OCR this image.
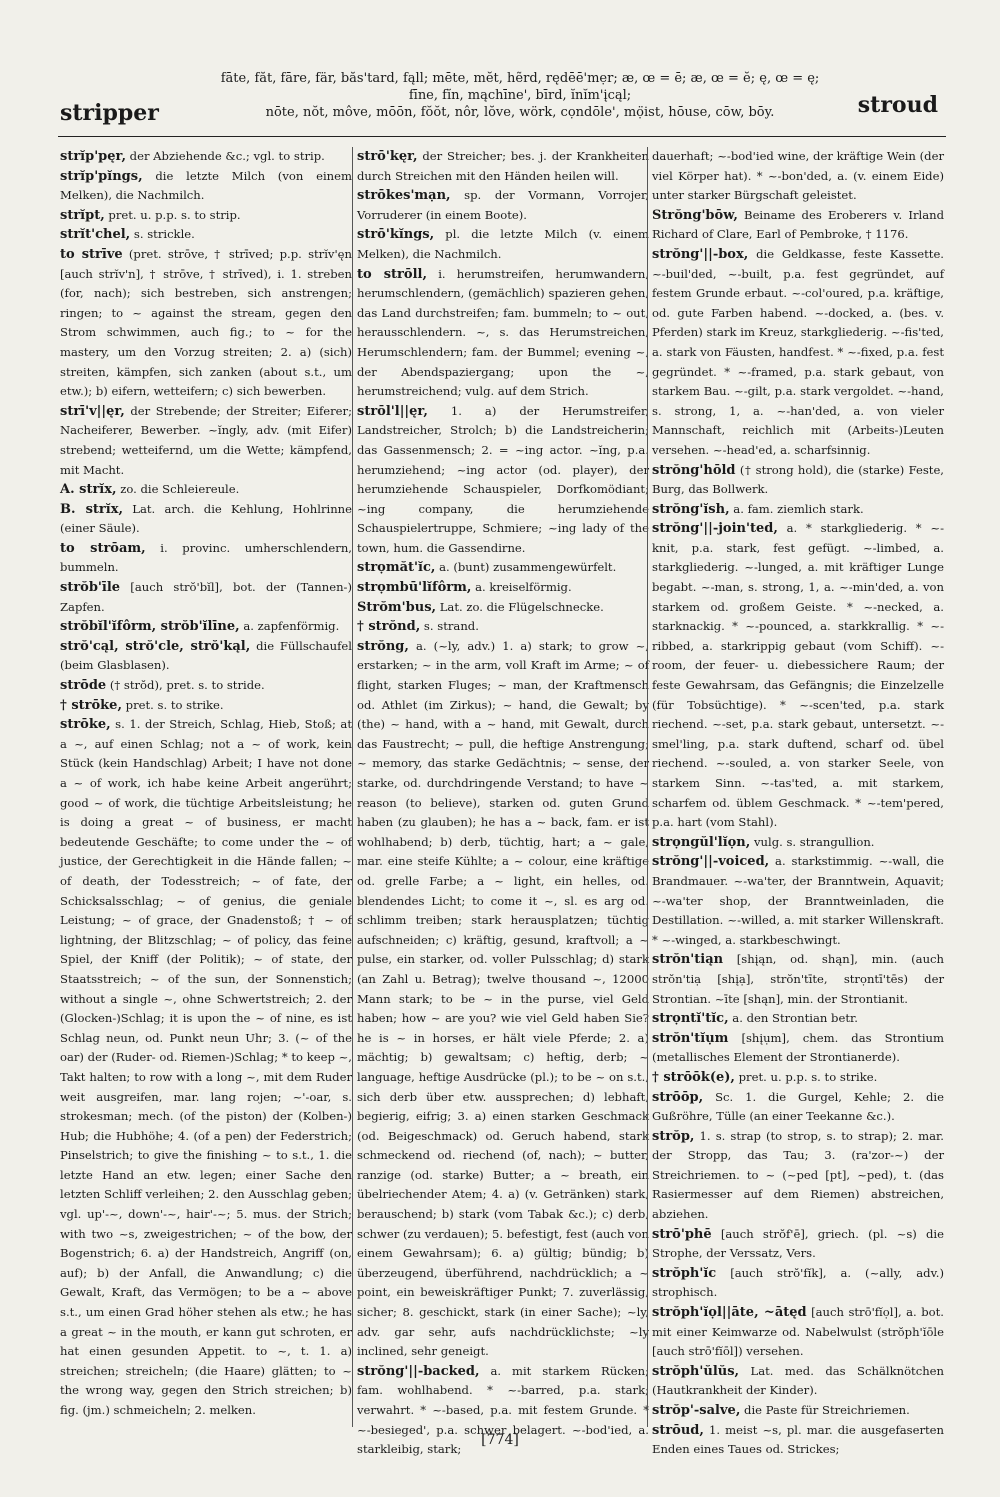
stripper
fāte, făt, fāre, fär, băs'tard, fąll; mēte, mĕt, hẽrd, rędēē'mẹr; æ, œ = ē; æ, œ = ĕ; ę, œ = ę;
fīne, fĭn, mąchīne', bīrd, ĭnĭm'įcąl;
nōte, nŏt, môve, mōōn, fŏŏt, nôr, lŏve, wörk, cọndōle', mọ̈ist, hōuse, cōw, bōy.	stroud

strĭp'pęr, der Abziehende &c.; vgl. to strip.

strĭp'pĭngs, die letzte Milch (von einem Melken), die Nachmilch.

strĭpt, pret. u. p.p. s. to strip.

strĭt'chel, s. strickle.

to strīve (pret. strōve, † strīved; p.p. strĭv'ęn [auch strĭv'n], † strōve, † strīved), i. 1. streben (for, nach); sich bestreben, sich anstrengen; ringen; to ~ against the stream, gegen den Strom schwimmen, auch fig.; to ~ for the mastery, um den Vorzug streiten; 2. a) (sich) streiten, kämpfen, sich zanken (about s.t., um etw.); b) eifern, wetteifern; c) sich bewerben.

strī'v||ęr, der Strebende; der Streiter; Eiferer; Nacheiferer, Bewerber. ~ĭngly, adv. (mit Eifer) strebend; wetteifernd, um die Wette; kämpfend, mit Macht.

A. strĭx, zo. die Schleiereule.

B. strĭx, Lat. arch. die Kehlung, Hohlrinne (einer Säule).

to strōam, i. provinc. umherschlendern, bummeln.

strŏb'īle [auch strŏ'bĭl], bot. der (Tannen-) Zapfen.

strŏbĭl'ĭfôrm, strŏb'ĭlīne, a. zapfenförmig.

strŏ'cąl, strŏ'cle, strŏ'kąl, die Füllschaufel (beim Glasblasen).

strōde († strŏd), pret. s. to stride.

† strōke, pret. s. to strike.

strōke, s. 1. der Streich, Schlag, Hieb, Stoß; at a ~, auf einen Schlag; not a ~ of work, kein Stück (kein Handschlag) Arbeit; I have not done a ~ of work, ich habe keine Arbeit angerührt; good ~ of work, die tüchtige Arbeitsleistung; he is doing a great ~ of business, er macht bedeutende Geschäfte; to come under the ~ of justice, der Gerechtigkeit in die Hände fallen; ~ of death, der Todesstreich; ~ of fate, der Schicksalsschlag; ~ of genius, die geniale Leistung; ~ of grace, der Gnadenstoß; † ~ of lightning, der Blitzschlag; ~ of policy, das feine Spiel, der Kniff (der Politik); ~ of state, der Staatsstreich; ~ of the sun, der Sonnenstich; without a single ~, ohne Schwertstreich; 2. der (Glocken-)Schlag; it is upon the ~ of nine, es ist Schlag neun, od. Punkt neun Uhr; 3. (~ of the oar) der (Ruder- od. Riemen-)Schlag; * to keep ~, Takt halten; to row with a long ~, mit dem Ruder weit ausgreifen, mar. lang rojen; ~'-oar, s. strokesman; mech. (of the piston) der (Kolben-) Hub; die Hubhöhe; 4. (of a pen) der Federstrich; Pinselstrich; to give the finishing ~ to s.t., 1. die letzte Hand an etw. legen; einer Sache den letzten Schliff verleihen; 2. den Ausschlag geben; vgl. up'-~, down'-~, hair'-~; 5. mus. der Strich; with two ~s, zweigestrichen; ~ of the bow, der Bogenstrich; 6. a) der Handstreich, Angriff (on, auf); b) der Anfall, die Anwandlung; c) die Gewalt, Kraft, das Vermögen; to be a ~ above s.t., um einen Grad höher stehen als etw.; he has a great ~ in the mouth, er kann gut schroten, er hat einen gesunden Appetit. to ~, t. 1. a) streichen; streicheln; (die Haare) glätten; to ~ the wrong way, gegen den Strich streichen; b) fig. (jm.) schmeicheln; 2. melken.

strō'kęr, der Streicher; bes. j. der Krankheiten durch Streichen mit den Händen heilen will.

strōkes'mạn, sp. der Vormann, Vorrojer, Vorruderer (in einem Boote).

strō'kĭngs, pl. die letzte Milch (v. einem Melken), die Nachmilch.

to strōll, i. herumstreifen, herumwandern, herumschlendern, (gemächlich) spazieren gehen, das Land durchstreifen; fam. bummeln; to ~ out, herausschlendern. ~, s. das Herumstreichen, Herumschlendern; fam. der Bummel; evening ~, der Abendspaziergang; upon the ~, herumstreichend; vulg. auf dem Strich.

strōl'l||ęr, 1. a) der Herumstreifer, Landstreicher, Strolch; b) die Landstreicherin; das Gassenmensch; 2. = ~ing actor. ~ĭng, p.a. herumziehend; ~ing actor (od. player), der herumziehende Schauspieler, Dorfkomödiant; ~ing company, die herumziehende Schauspielertruppe, Schmiere; ~ing lady of the town, hum. die Gassendirne.

strọmăt'ĭc, a. (bunt) zusammengewürfelt.

strọmbū'lĭfôrm, a. kreiselförmig.

Strŏm'bus, Lat. zo. die Flügelschnecke.

† strŏnd, s. strand.

strŏng, a. (~ly, adv.) 1. a) stark; to grow ~, erstarken; ~ in the arm, voll Kraft im Arme; ~ of flight, starken Fluges; ~ man, der Kraftmensch od. Athlet (im Zirkus); ~ hand, die Gewalt; by (the) ~ hand, with a ~ hand, mit Gewalt, durch das Faustrecht; ~ pull, die heftige Anstrengung; ~ memory, das starke Gedächtnis; ~ sense, der starke, od. durchdringende Verstand; to have ~ reason (to believe), starken od. guten Grund haben (zu glauben); he has a ~ back, fam. er ist wohlhabend; b) derb, tüchtig, hart; a ~ gale, mar. eine steife Kühlte; a ~ colour, eine kräftige od. grelle Farbe; a ~ light, ein helles, od. blendendes Licht; to come it ~, sl. es arg od. schlimm treiben; stark herausplatzen; tüchtig aufschneiden; c) kräftig, gesund, kraftvoll; a ~ pulse, ein starker, od. voller Pulsschlag; d) stark (an Zahl u. Betrag); twelve thousand ~, 12000 Mann stark; to be ~ in the purse, viel Geld haben; how ~ are you? wie viel Geld haben Sie? he is ~ in horses, er hält viele Pferde; 2. a) mächtig; b) gewaltsam; c) heftig, derb; ~ language, heftige Ausdrücke (pl.); to be ~ on s.t., sich derb über etw. aussprechen; d) lebhaft, begierig, eifrig; 3. a) einen starken Geschmack (od. Beigeschmack) od. Geruch habend, stark schmeckend od. riechend (of, nach); ~ butter, ranzige (od. starke) Butter; a ~ breath, ein übelriechender Atem; 4. a) (v. Getränken) stark, berauschend; b) stark (vom Tabak &c.); c) derb, schwer (zu verdauen); 5. befestigt, fest (auch von einem Gewahrsam); 6. a) gültig; bündig; b) überzeugend, überführend, nachdrücklich; a ~ point, ein beweiskräftiger Punkt; 7. zuverlässig, sicher; 8. geschickt, stark (in einer Sache); ~ly, adv. gar sehr, aufs nachdrücklichste; ~ly inclined, sehr geneigt.

strŏng'||-backed, a. mit starkem Rücken; fam. wohlhabend. * ~-barred, p.a. stark; verwahrt. * ~-based, p.a. mit festem Grunde. * ~-besieged', p.a. schwer belagert. ~-bod'ied, a. starkleibig, stark;

dauerhaft; ~-bod'ied wine, der kräftige Wein (der viel Körper hat). * ~-bon'ded, a. (v. einem Eide) unter starker Bürgschaft geleistet.

Strŏng'bōw, Beiname des Eroberers v. Irland Richard of Clare, Earl of Pembroke, † 1176.

strŏng'||-box, die Geldkasse, feste Kassette. ~-buil'ded, ~-built, p.a. fest gegründet, auf festem Grunde erbaut. ~-col'oured, p.a. kräftige, od. gute Farben habend. ~-docked, a. (bes. v. Pferden) stark im Kreuz, starkgliederig. ~-fis'ted, a. stark von Fäusten, handfest. * ~-fixed, p.a. fest gegründet. * ~-framed, p.a. stark gebaut, von starkem Bau. ~-gilt, p.a. stark vergoldet. ~-hand, s. strong, 1, a. ~-han'ded, a. von vieler Mannschaft, reichlich mit (Arbeits-)Leuten versehen. ~-head'ed, a. scharfsinnig.

strŏng'hōld († strong hold), die (starke) Feste, Burg, das Bollwerk.

strŏng'ĭsh, a. fam. ziemlich stark.

strŏng'||-join'ted, a. * starkgliederig. * ~-knit, p.a. stark, fest gefügt. ~-limbed, a. starkgliederig. ~-lunged, a. mit kräftiger Lunge begabt. ~-man, s. strong, 1, a. ~-min'ded, a. von starkem od. großem Geiste. * ~-necked, a. starknackig. * ~-pounced, a. starkkrallig. * ~-ribbed, a. starkrippig gebaut (vom Schiff). ~-room, der feuer- u. diebessichere Raum; der feste Gewahrsam, das Gefängnis; die Einzelzelle (für Tobsüchtige). * ~-scen'ted, p.a. stark riechend. ~-set, p.a. stark gebaut, untersetzt. ~-smel'ling, p.a. stark duftend, scharf od. übel riechend. ~-souled, a. von starker Seele, von starkem Sinn. ~-tas'ted, a. mit starkem, scharfem od. üblem Geschmack. * ~-tem'pered, p.a. hart (vom Stahl).

strọngŭl'lĭọn, vulg. s. strangullion.

strŏng'||-voiced, a. starkstimmig. ~-wall, die Brandmauer. ~-wa'ter, der Branntwein, Aquavit; ~-wa'ter shop, der Branntweinladen, die Destillation. ~-willed, a. mit starker Willenskraft. * ~-winged, a. starkbeschwingt.

strŏn'tiąn [shįąn, od. shąn], min. (auch strŏn'tiạ [shįạ], strŏn'tīte, strọntī'tēs) der Strontian. ~īte [shąn], min. der Strontianit.

strọntĭ'tĭc, a. den Strontian betr.

strŏn'tĭụm [shįụm], chem. das Strontium (metallisches Element der Strontianerde).

† strōōk(e), pret. u. p.p. s. to strike.

strōōp, Sc. 1. die Gurgel, Kehle; 2. die Gußröhre, Tülle (an einer Teekanne &c.).

strŏp, 1. s. strap (to strop, s. to strap); 2. mar. der Stropp, das Tau; 3. (ra'zor-~) der Streichriemen. to ~ (~ped [pt], ~ped), t. (das Rasiermesser auf dem Riemen) abstreichen, abziehen.

strō'phē [auch strŏf'ē], griech. (pl. ~s) die Strophe, der Verssatz, Vers.

strŏph'ĭc [auch strŏ'fĭk], a. (~ally, adv.) strophisch.

strŏph'ĭọl||āte, ~ātęd [auch strō'fĭọl], a. bot. mit einer Keimwarze od. Nabelwulst (strŏph'ĭōle [auch strō'fĭōl]) versehen.

strŏph'ŭlŭs, Lat. med. das Schälknötchen (Hautkrankheit der Kinder).

strŏp'-salve, die Paste für Streichriemen.

strōud, 1. meist ~s, pl. mar. die ausgefaserten Enden eines Taues od. Strickes;

[774]
